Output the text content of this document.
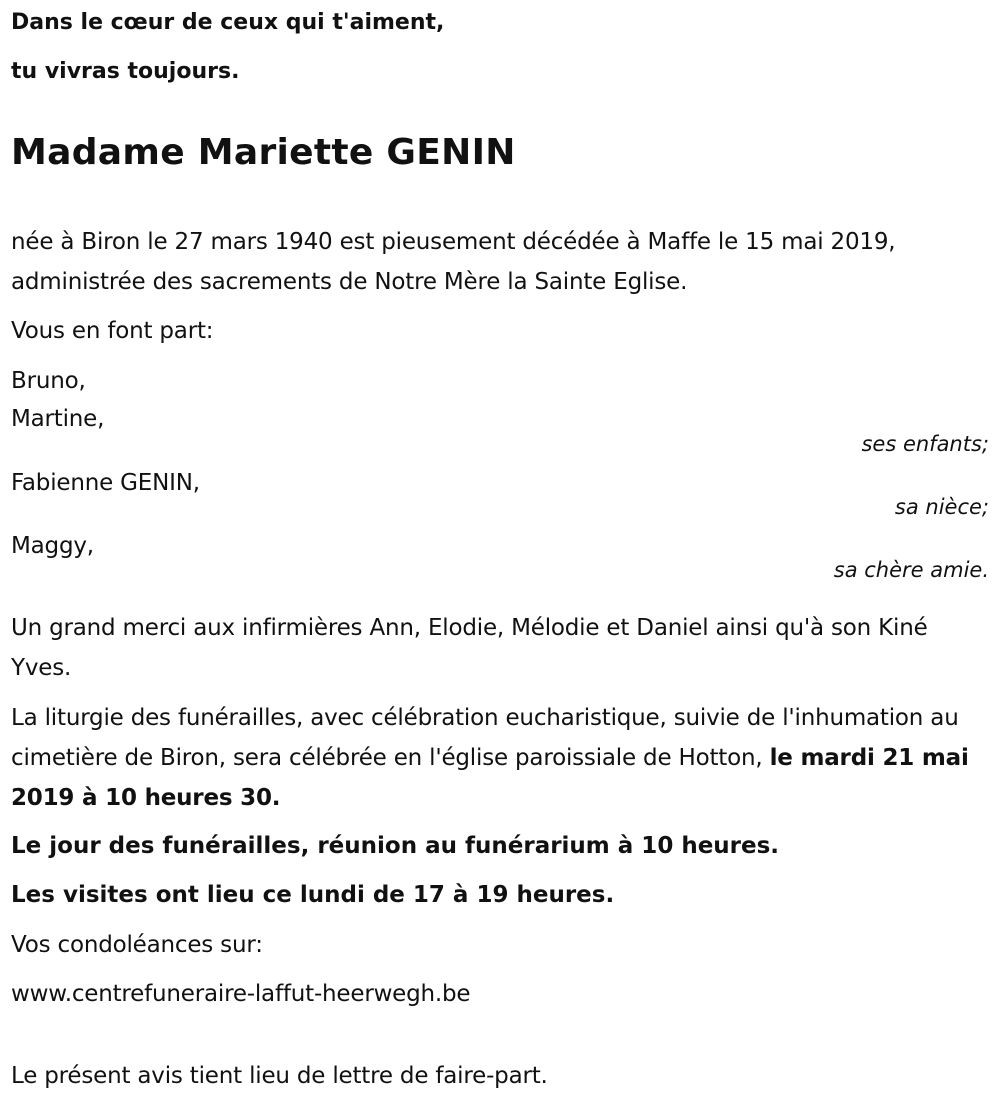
Dans le cœur de ceux qui t'aiment,
tu vivras toujours.
Madame Mariette GENIN
née à Biron le 27 mars 1940 est pieusement décédée à Maffe le 15 mai 2019, administrée des sacrements de Notre Mère la Sainte Eglise.
Vous en font part:
Bruno,
Martine,
ses enfants;
Fabienne GENIN,
sa nièce;
Maggy,
sa chère amie.
Un grand merci aux infirmières Ann, Elodie, Mélodie et Daniel ainsi qu'à son Kiné Yves.
La liturgie des funérailles, avec célébration eucharistique, suivie de l'inhumation au cimetière de Biron, sera célébrée en l'église paroissiale de Hotton, le mardi 21 mai 2019 à 10 heures 30.
Le jour des funérailles, réunion au funérarium à 10 heures.
Les visites ont lieu ce lundi de 17 à 19 heures.
Vos condoléances sur:
www.centrefuneraire-laffut-heerwegh.be
Le présent avis tient lieu de lettre de faire-part.
